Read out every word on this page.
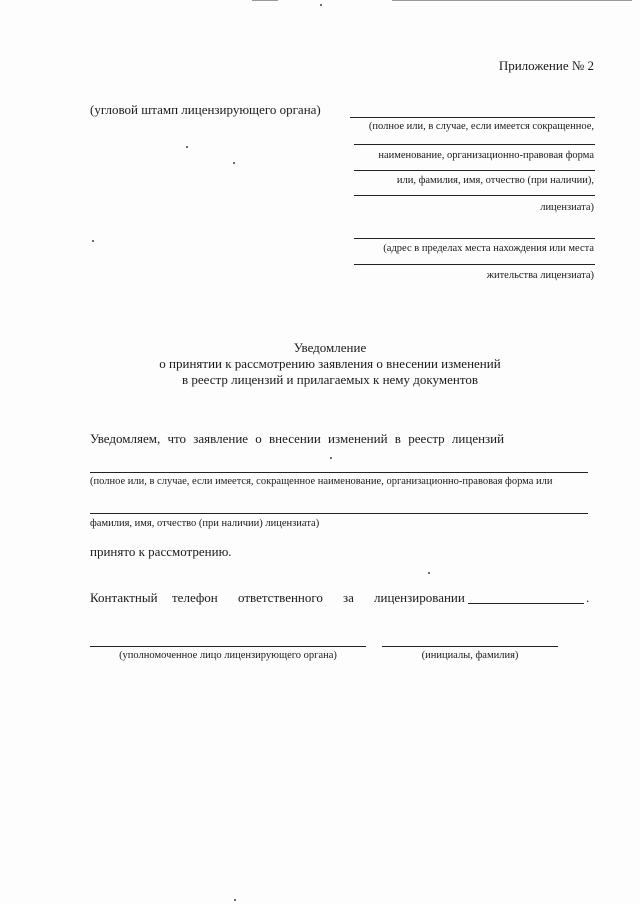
Приложение № 2
(угловой штамп лицензирующего органа)
(полное или, в случае, если имеется сокращенное,
наименование, организационно-правовая форма
или, фамилия, имя, отчество (при наличии),
лицензиата)
(адрес в пределах места нахождения или места
жительства лицензиата)
Уведомление
о принятии к рассмотрению заявления о внесении изменений
в реестр лицензий и прилагаемых к нему документов
Уведомляем, что заявление о внесении изменений в реестр лицензий
(полное или, в случае, если имеется, сокращенное наименование, организационно-правовая форма или
фамилия, имя, отчество (при наличии) лицензиата)
принято к рассмотрению.
Контактный телефон ответственного за лицензировании	.
(уполномоченное лицо лицензирующего органа)	(инициалы, фамилия)
